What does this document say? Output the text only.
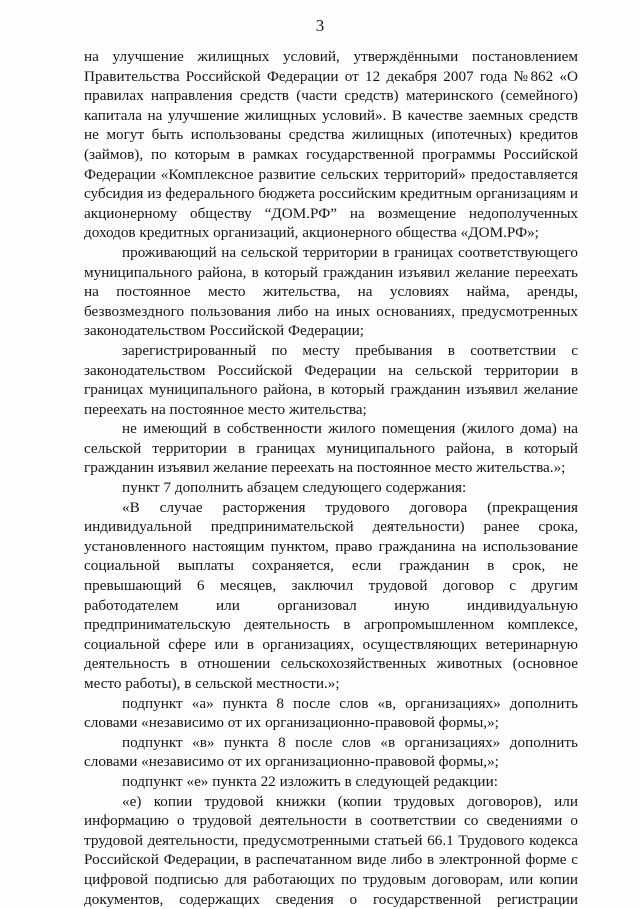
3

на улучшение жилищных условий, утверждёнными постановлением Правительства Российской Федерации от 12 декабря 2007 года №862 «О правилах направления средств (части средств) материнского (семейного) капитала на улучшение жилищных условий». В качестве заемных средств не могут быть использованы средства жилищных (ипотечных) кредитов (займов), по которым в рамках государственной программы Российской Федерации «Комплексное развитие сельских территорий» предоставляется субсидия из федерального бюджета российским кредитным организациям и акционерному обществу “ДОМ.РФ” на возмещение недополученных доходов кредитных организаций, акционерного общества «ДОМ.РФ»;

проживающий на сельской территории в границах соответствующего муниципального района, в который гражданин изъявил желание переехать на постоянное место жительства, на условиях найма, аренды, безвозмездного пользования либо на иных основаниях, предусмотренных законодательством Российской Федерации;

зарегистрированный по месту пребывания в соответствии с законодательством Российской Федерации на сельской территории в границах муниципального района, в который гражданин изъявил желание переехать на постоянное место жительства;

не имеющий в собственности жилого помещения (жилого дома) на сельской территории в границах муниципального района, в который гражданин изъявил желание переехать на постоянное место жительства.»;

пункт 7 дополнить абзацем следующего содержания:

«В случае расторжения трудового договора (прекращения индивидуальной предпринимательской деятельности) ранее срока, установленного настоящим пунктом, право гражданина на использование социальной выплаты сохраняется, если гражданин в срок, не превышающий 6 месяцев, заключил трудовой договор с другим работодателем или организовал иную индивидуальную предпринимательскую деятельность в агропромышленном комплексе, социальной сфере или в организациях, осуществляющих ветеринарную деятельность в отношении сельскохозяйственных животных (основное место работы), в сельской местности.»;

подпункт «а» пункта 8 после слов «в, организациях» дополнить словами «независимо от их организационно-правовой формы,»;

подпункт «в» пункта 8 после слов «в организациях» дополнить словами «независимо от их организационно-правовой формы,»;

подпункт «е» пункта 22 изложить в следующей редакции:

«е) копии трудовой книжки (копии трудовых договоров), или информацию о трудовой деятельности в соответствии со сведениями о трудовой деятельности, предусмотренными статьей 66.1 Трудового кодекса Российской Федерации, в распечатанном виде либо в электронной форме с цифровой подписью для работающих по трудовым договорам, или копии документов, содержащих сведения о государственной регистрации
